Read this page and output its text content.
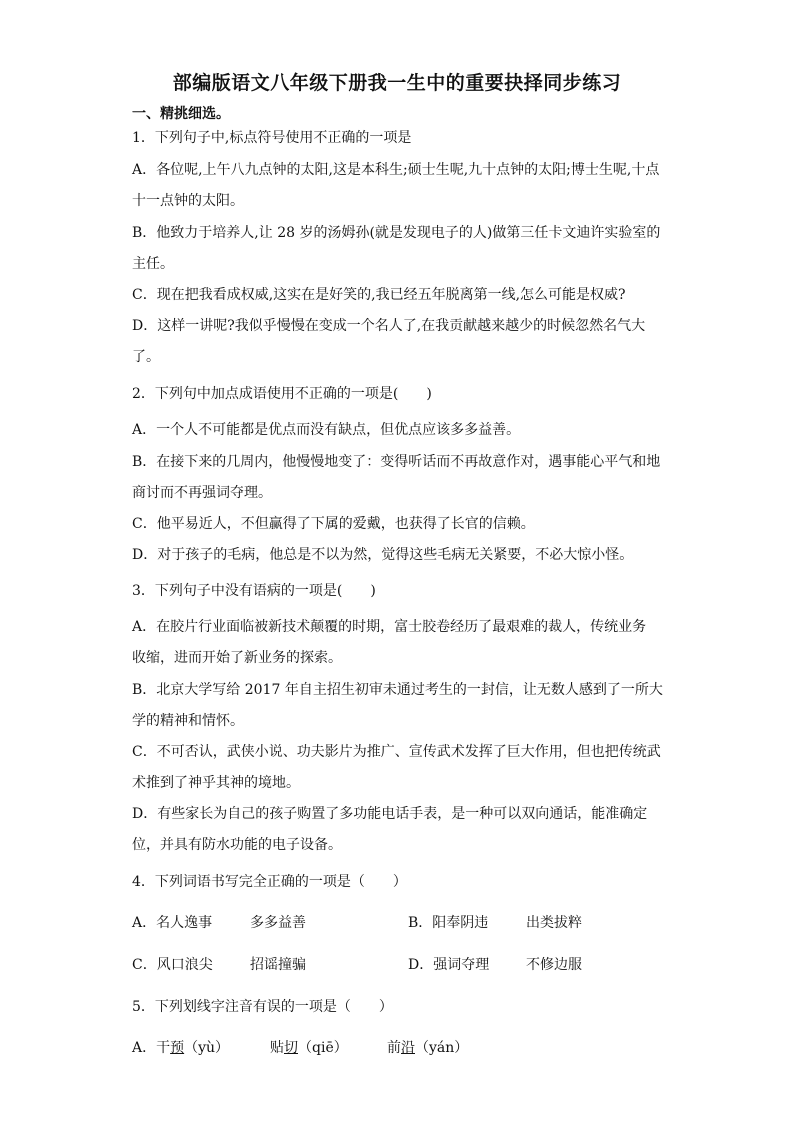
部编版语文八年级下册我一生中的重要抉择同步练习
一、精挑细选。
1．下列句子中,标点符号使用不正确的一项是
A．各位呢,上午八九点钟的太阳,这是本科生;硕士生呢,九十点钟的太阳;博士生呢,十点
十一点钟的太阳。
B．他致力于培养人,让 28 岁的汤姆孙(就是发现电子的人)做第三任卡文迪许实验室的
主任。
C．现在把我看成权威,这实在是好笑的,我已经五年脱离第一线,怎么可能是权威?
D．这样一讲呢?我似乎慢慢在变成一个名人了,在我贡献越来越少的时候忽然名气大
了。
2．下列句中加点成语使用不正确的一项是(　　)
A．一个人不可能都是优点而没有缺点，但优点应该多多益善。
B．在接下来的几周内，他慢慢地变了：变得听话而不再故意作对，遇事能心平气和地
商讨而不再强词夺理。
C．他平易近人，不但赢得了下属的爱戴，也获得了长官的信赖。
D．对于孩子的毛病，他总是不以为然，觉得这些毛病无关紧要，不必大惊小怪。
3．下列句子中没有语病的一项是(　　)
A．在胶片行业面临被新技术颠覆的时期，富士胶卷经历了最艰难的裁人，传统业务
收缩，进而开始了新业务的探索。
B．北京大学写给 2017 年自主招生初审未通过考生的一封信，让无数人感到了一所大
学的精神和情怀。
C．不可否认，武侠小说、功夫影片为推广、宣传武术发挥了巨大作用，但也把传统武
术推到了神乎其神的境地。
D．有些家长为自己的孩子购置了多功能电话手表，是一种可以双向通话，能准确定
位，并具有防水功能的电子设备。
4．下列词语书写完全正确的一项是（　　）
A．名人逸事	多多益善	B．阳奉阴违	出类拔粹
C．风口浪尖	招谣撞骗	D．强词夺理	不修边服
5．下列划线字注音有误的一项是（　　）
A．干预（yù）	贴切（qiē）	前沿（yán）
